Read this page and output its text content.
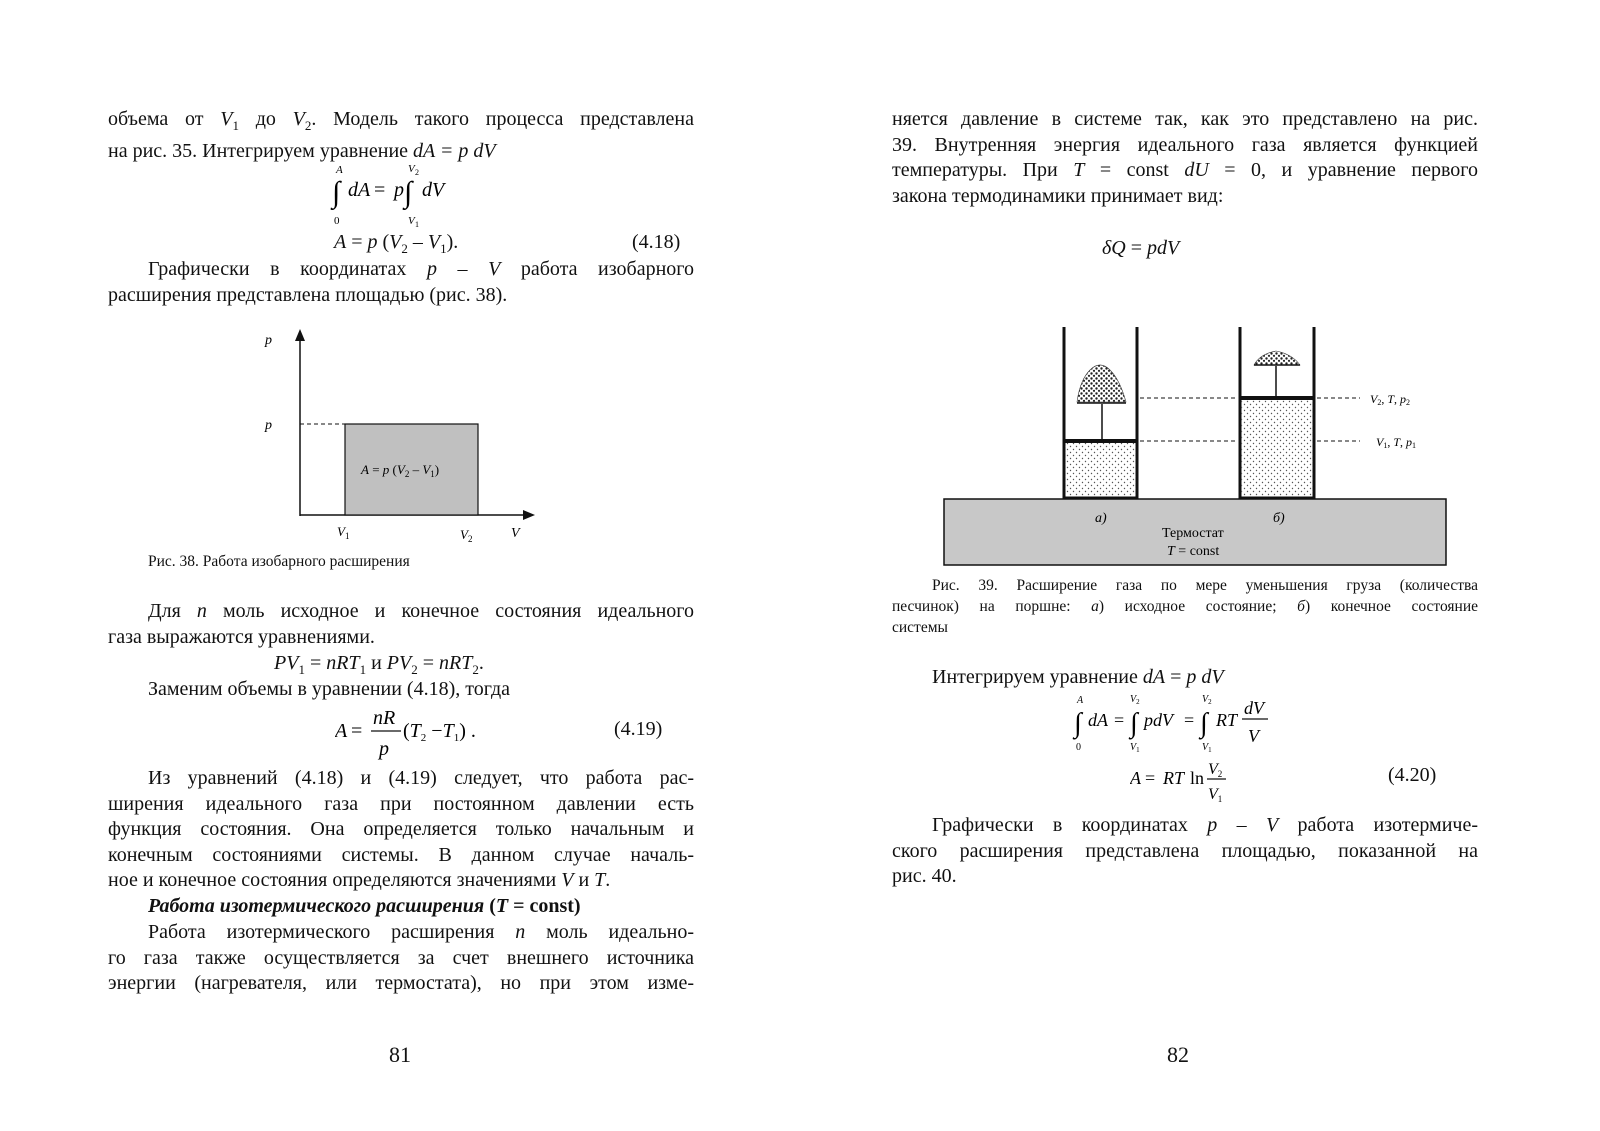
объема от $V_1$ до $V_2$. Модель такого процесса представлена

на рис. 35. Интегрируем уравнение dA = p dV

A
∫ dA = p ∫ dV
0
V 2
V 1
A = p $(V_2 - V_1)$.	(4.18)

Графически в координатах p – V работа изобарного

расширения представлена площадью (рис. 38).

p
p
A = p $(V_2 - V_1)$
$V_1$	$V_2$	V
Рис. 38. Работа изобарного расширения

Для n моль исходное и конечное состояния идеального

газа выражаются уравнениями.

$PV_1 = nRT_1$ и $PV_2 = nRT_2$.

Заменим объемы в уравнении (4.18), тогда

A =
nR
p
$(T_2 -T_1)$ .	(4.19)

Из уравнений (4.18) и (4.19) следует, что работа рас-

ширения идеального газа при постоянном давлении есть

функция состояния. Она определяется только начальным и

конечным состояниями системы. В данном случае началь-

ное и конечное состояния определяются значениями V и T.

Работа изотермического расширения (T = const)

Работа изотермического расширения n моль идеально-

го газа также осуществляется за счет внешнего источника

энергии (нагревателя, или термостата), но при этом изме-

81

няется давление в системе так, как это представлено на рис.

39. Внутренняя энергия идеального газа является функцией

температуры. При T = const dU = 0, и уравнение первого

закона термодинамики принимает вид:

δQ = pdV
а)	б)
Термостат
T = const
V2, T, p2
V1, T, p1

Рис. 39. Расширение газа по мере уменьшения груза (количества

песчинок) на поршне: а) исходное состояние; б) конечное состояние

системы

Интегрируем уравнение dA = p dV

A
∫ dA = ∫ pdV = ∫ RT
dV
V
0
$V_2$
$V_1$
$V_2$
$V_1$
A = RT ln V2
V1
(4.20)

Графически в координатах p – V работа изотермиче-

ского расширения представлена площадью, показанной на

рис. 40.

82
